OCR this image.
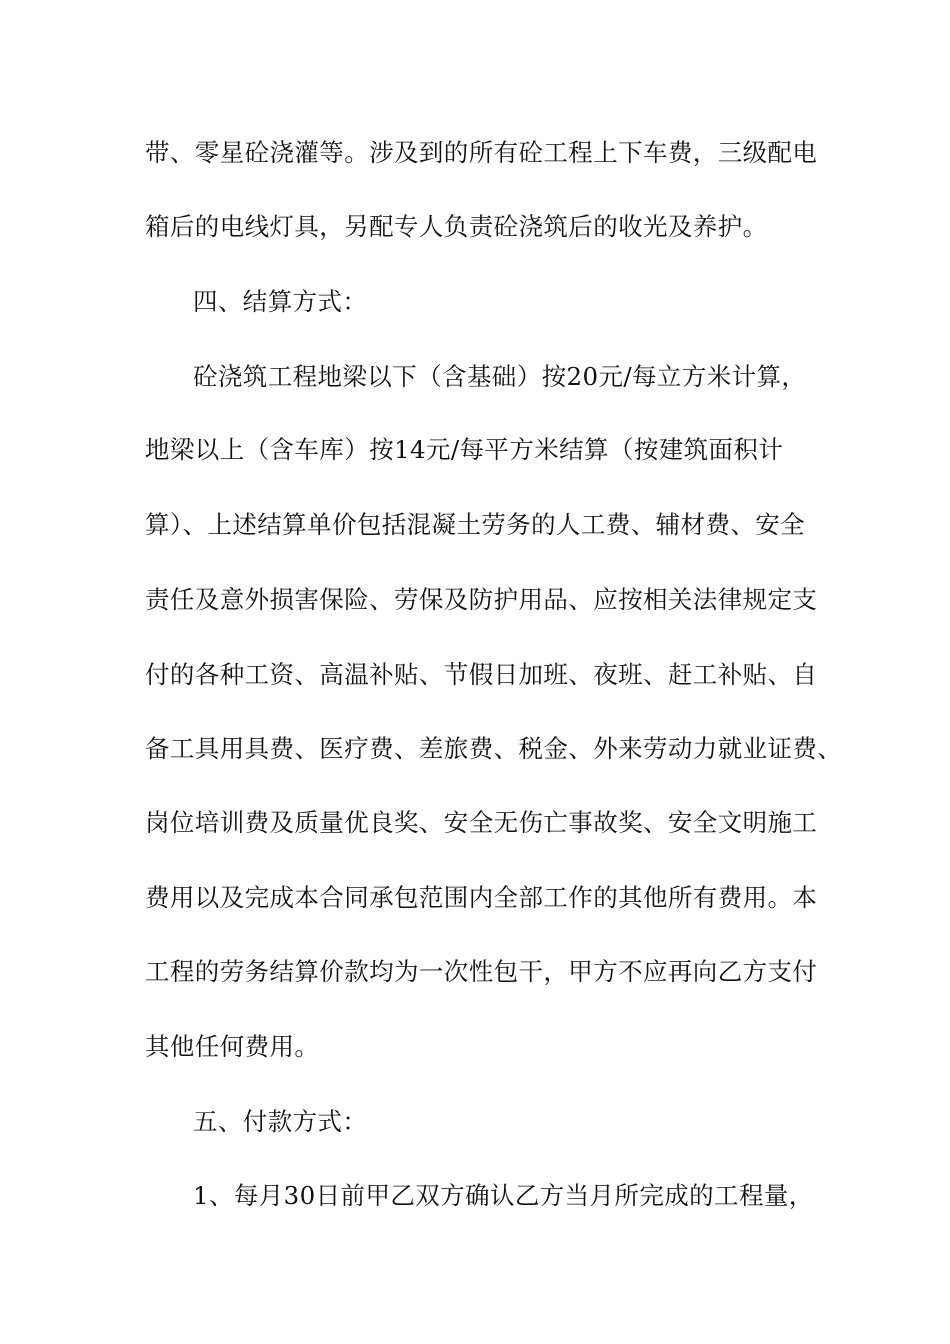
带、零星砼浇灌等。涉及到的所有砼工程上下车费，三级配电
箱后的电线灯具，另配专人负责砼浇筑后的收光及养护。
四、结算方式：
砼浇筑工程地梁以下（含基础）按20元/每立方米计算，
地梁以上（含车库）按14元/每平方米结算（按建筑面积计
算）、上述结算单价包括混凝土劳务的人工费、辅材费、安全
责任及意外损害保险、劳保及防护用品、应按相关法律规定支
付的各种工资、高温补贴、节假日加班、夜班、赶工补贴、自
备工具用具费、医疗费、差旅费、税金、外来劳动力就业证费、
岗位培训费及质量优良奖、安全无伤亡事故奖、安全文明施工
费用以及完成本合同承包范围内全部工作的其他所有费用。本
工程的劳务结算价款均为一次性包干，甲方不应再向乙方支付
其他任何费用。
五、付款方式：
1、每月30日前甲乙双方确认乙方当月所完成的工程量，
